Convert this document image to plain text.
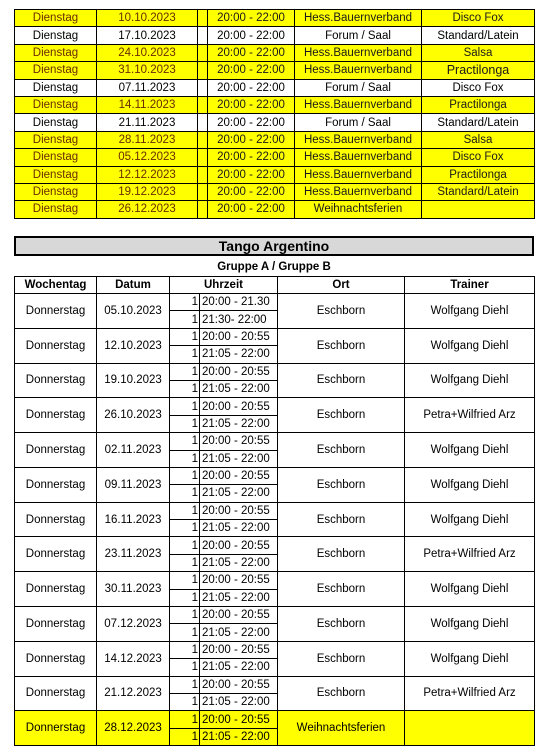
Dienstag	10.10.2023		20:00 - 22:00	Hess.Bauernverband	Disco Fox
Dienstag	17.10.2023		20:00 - 22:00	Forum / Saal	Standard/Latein
Dienstag	24.10.2023		20:00 - 22:00	Hess.Bauernverband	Salsa
Dienstag	31.10.2023		20:00 - 22:00	Hess.Bauernverband	Practilonga
Dienstag	07.11.2023		20:00 - 22:00	Forum / Saal	Disco Fox
Dienstag	14.11.2023		20:00 - 22:00	Hess.Bauernverband	Practilonga
Dienstag	21.11.2023		20:00 - 22:00	Forum / Saal	Standard/Latein
Dienstag	28.11.2023		20:00 - 22:00	Hess.Bauernverband	Salsa
Dienstag	05.12.2023		20:00 - 22:00	Hess.Bauernverband	Disco Fox
Dienstag	12.12.2023		20:00 - 22:00	Hess.Bauernverband	Practilonga
Dienstag	19.12.2023		20:00 - 22:00	Hess.Bauernverband	Standard/Latein
Dienstag	26.12.2023		20:00 - 22:00	Weihnachtsferien	
Tango Argentino
Gruppe A / Gruppe B
Wochentag	Datum	Uhrzeit		Ort	Trainer
Donnerstag	05.10.2023	1	20:00 - 21.30	Eschborn	Wolfgang Diehl
		1	21:30- 22:00		
Donnerstag	12.10.2023	1	20:00 - 20:55	Eschborn	Wolfgang Diehl
		1	21:05 - 22:00		
Donnerstag	19.10.2023	1	20:00 - 20:55	Eschborn	Wolfgang Diehl
		1	21:05 - 22:00		
Donnerstag	26.10.2023	1	20:00 - 20:55	Eschborn	Petra+Wilfried Arz
		1	21:05 - 22:00		
Donnerstag	02.11.2023	1	20:00 - 20:55	Eschborn	Wolfgang Diehl
		1	21:05 - 22:00		
Donnerstag	09.11.2023	1	20:00 - 20:55	Eschborn	Wolfgang Diehl
		1	21:05 - 22:00		
Donnerstag	16.11.2023	1	20:00 - 20:55	Eschborn	Wolfgang Diehl
		1	21:05 - 22:00		
Donnerstag	23.11.2023	1	20:00 - 20:55	Eschborn	Petra+Wilfried Arz
		1	21:05 - 22:00		
Donnerstag	30.11.2023	1	20:00 - 20:55	Eschborn	Wolfgang Diehl
		1	21:05 - 22:00		
Donnerstag	07.12.2023	1	20:00 - 20:55	Eschborn	Wolfgang Diehl
		1	21:05 - 22:00		
Donnerstag	14.12.2023	1	20:00 - 20:55	Eschborn	Wolfgang Diehl
		1	21:05 - 22:00		
Donnerstag	21.12.2023	1	20:00 - 20:55	Eschborn	Petra+Wilfried Arz
		1	21:05 - 22:00		
Donnerstag	28.12.2023	1	20:00 - 20:55	Weihnachtsferien	
		1	21:05 - 22:00		
